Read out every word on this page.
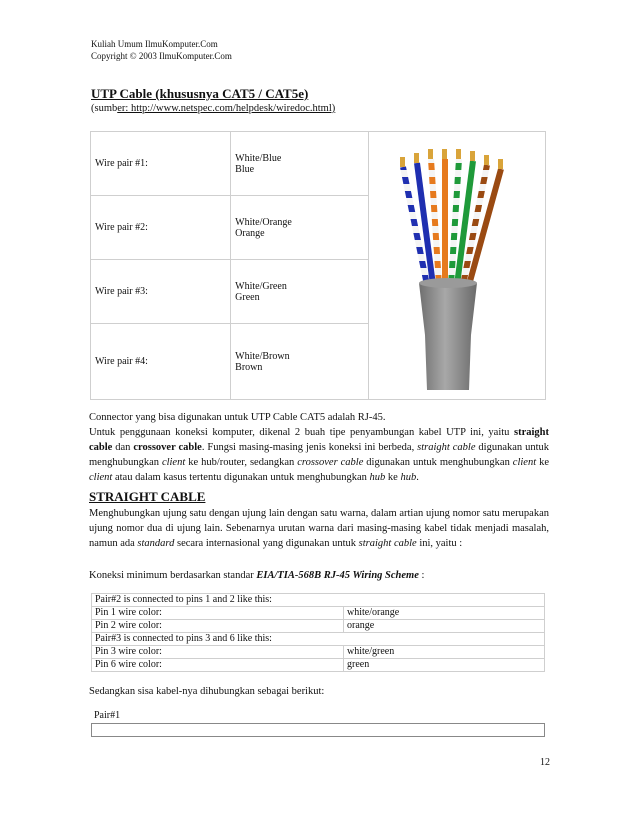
Kuliah Umum IlmuKomputer.Com
Copyright © 2003 IlmuKomputer.Com
UTP Cable (khususnya CAT5 / CAT5e)
(sumber: http://www.netspec.com/helpdesk/wiredoc.html)
Wire pair #1:	White/Blue
Blue

Wire pair #2:	White/Orange
Orange	

Wire pair #3:	White/Green
Green	

Wire pair #4:	White/Brown
Brown	

Connector yang bisa digunakan untuk UTP Cable CAT5 adalah RJ-45.

Untuk penggunaan koneksi komputer, dikenal 2 buah tipe penyambungan kabel UTP ini, yaitu straight cable dan crossover cable. Fungsi masing-masing jenis koneksi ini berbeda, straight cable digunakan untuk menghubungkan client ke hub/router, sedangkan crossover cable digunakan untuk menghubungkan client ke client atau dalam kasus tertentu digunakan untuk menghubungkan hub ke hub.

STRAIGHT CABLE

Menghubungkan ujung satu dengan ujung lain dengan satu warna, dalam artian ujung nomor satu merupakan ujung nomor dua di ujung lain. Sebenarnya urutan warna dari masing-masing kabel tidak menjadi masalah, namun ada standard secara internasional yang digunakan untuk straight cable ini, yaitu :

Koneksi minimum berdasarkan standar EIA/TIA-568B RJ-45 Wiring Scheme :

Pair#2 is connected to pins 1 and 2 like this:	
Pin 1 wire color:	white/orange
Pin 2 wire color:	orange
Pair#3 is connected to pins 3 and 6 like this:	
Pin 3 wire color:	white/green
Pin 6 wire color:	green
Sedangkan sisa kabel-nya dihubungkan sebagai berikut:
Pair#1
12
